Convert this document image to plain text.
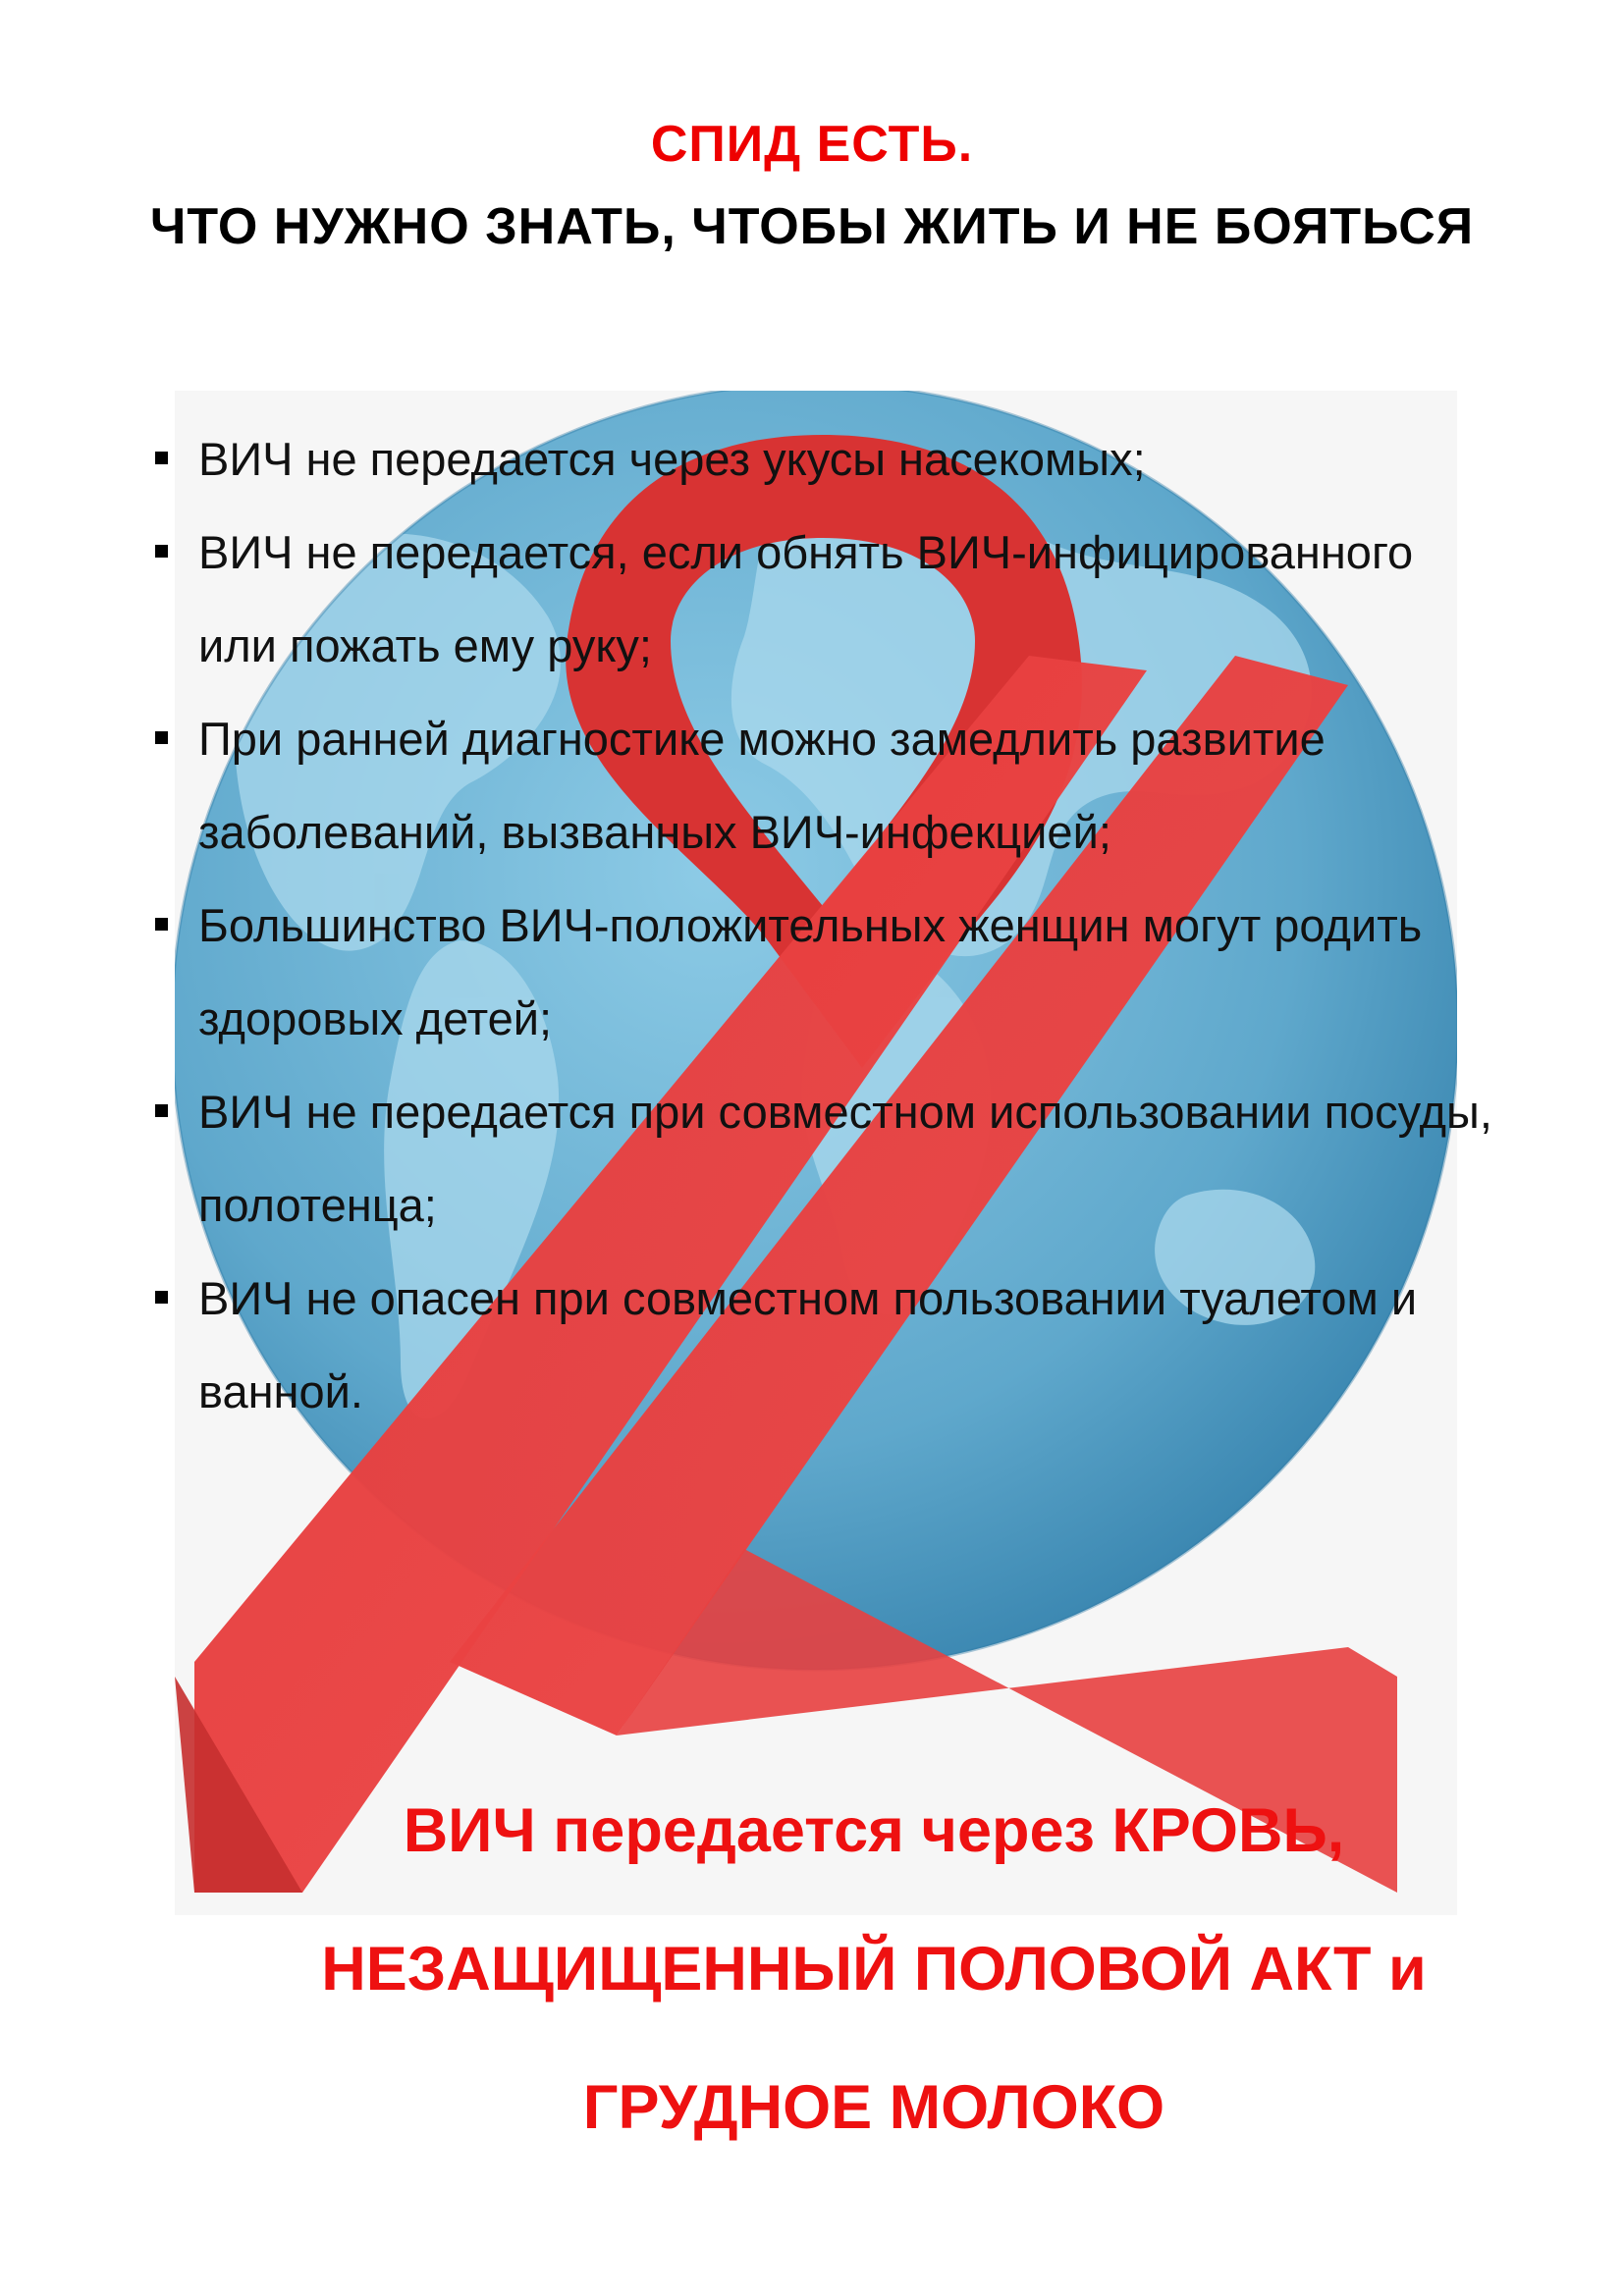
СПИД ЕСТЬ.
ЧТО НУЖНО ЗНАТЬ, ЧТОБЫ ЖИТЬ И НЕ БОЯТЬСЯ
ВИЧ не передается через укусы насекомых;
ВИЧ не передается, если обнять ВИЧ-инфицированного или пожать ему руку;
При ранней диагностике можно замедлить развитие заболеваний, вызванных ВИЧ-инфекцией;
Большинство ВИЧ-положительных женщин могут родить здоровых детей;
ВИЧ не передается при совместном использовании посуды, полотенца;
ВИЧ не опасен при совместном пользовании туалетом и ванной.
ВИЧ передается через КРОВЬ,
НЕЗАЩИЩЕННЫЙ ПОЛОВОЙ АКТ и
ГРУДНОЕ МОЛОКО
